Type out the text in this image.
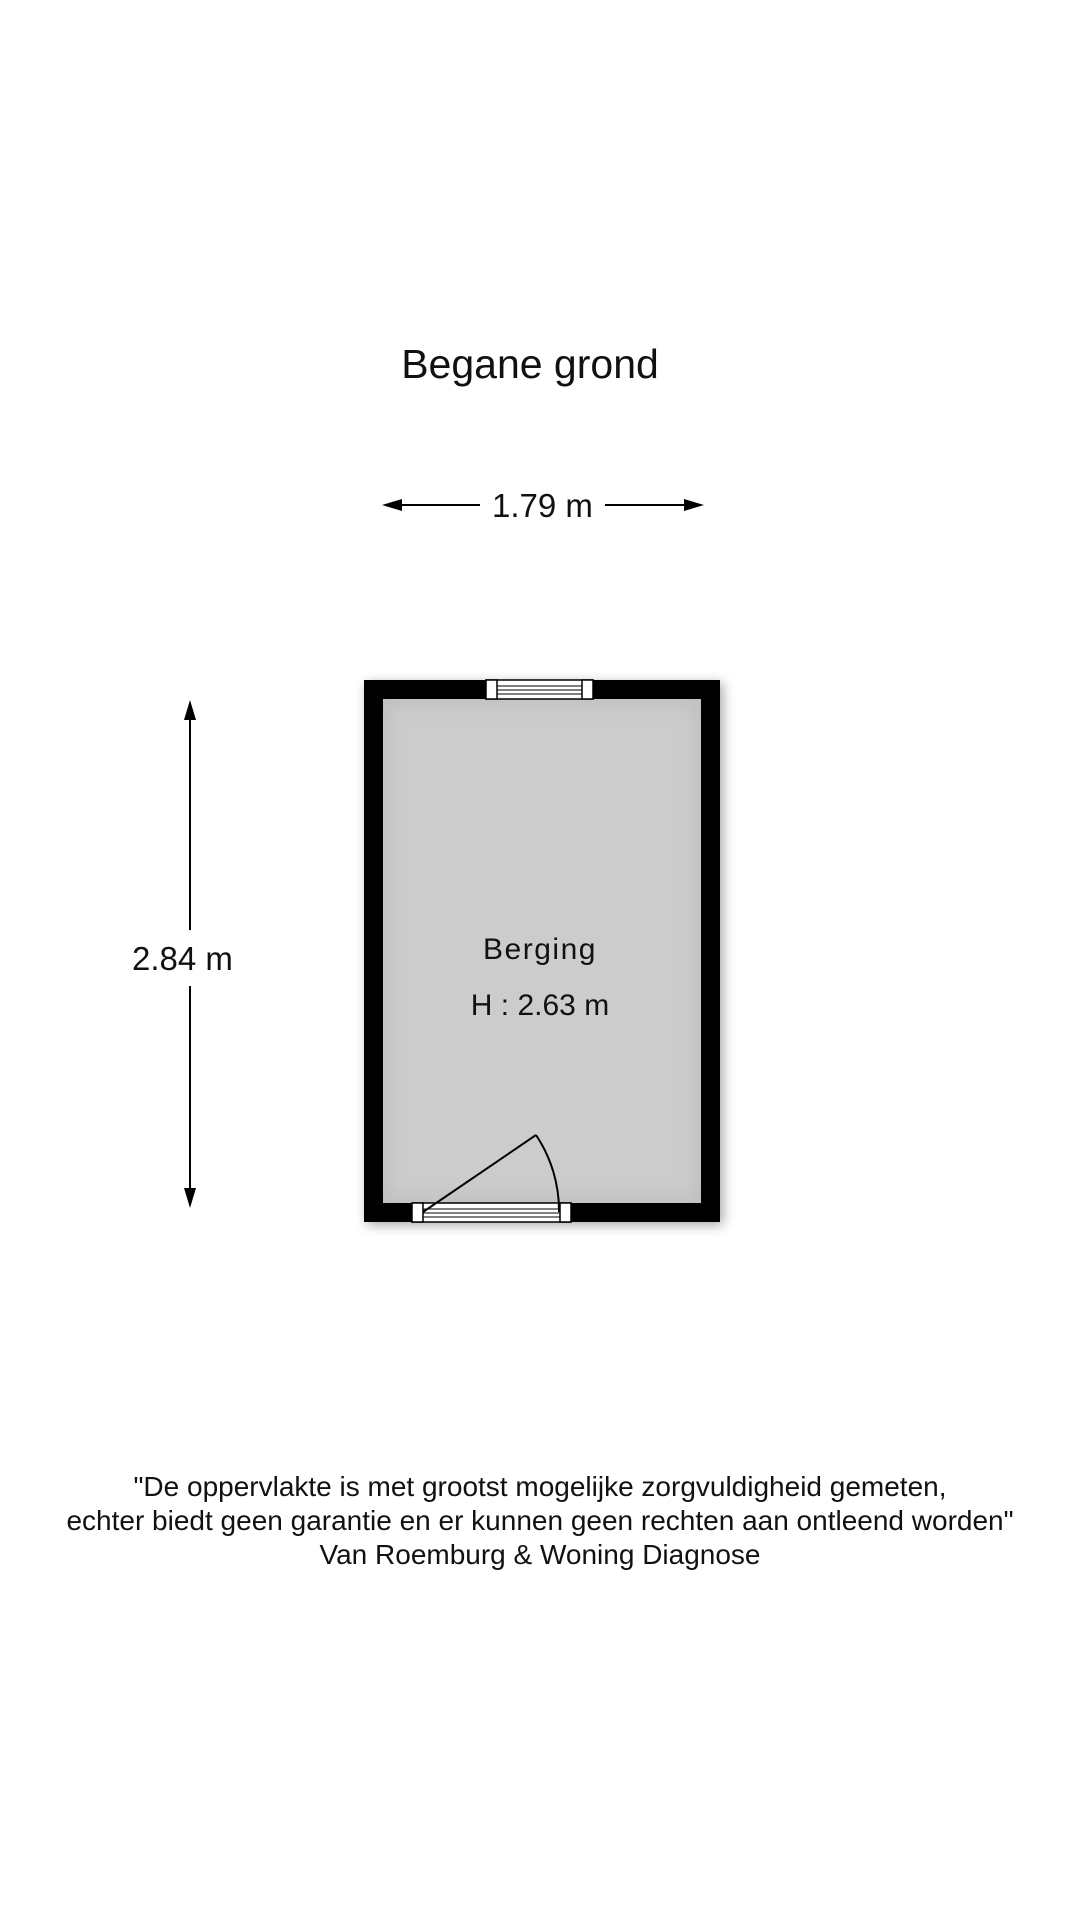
Begane grond
1.79 m
2.84 m	Berging
H : 2.63 m
"De oppervlakte is met grootst mogelijke zorgvuldigheid gemeten,
echter biedt geen garantie en er kunnen geen rechten aan ontleend worden"
Van Roemburg & Woning Diagnose
